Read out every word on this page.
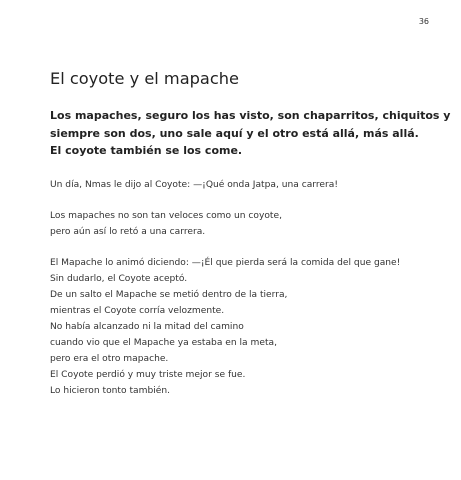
36
El coyote y el mapache

Los mapaches, seguro los has visto, son chaparritos, chiquitos y
siempre son dos, uno sale aquí y el otro está allá, más allá.
El coyote también se los come.

Un día, Nmas le dijo al Coyote: —¡Qué onda Jatpa, una carrera!

Los mapaches no son tan veloces como un coyote,
pero aún así lo retó a una carrera.

El Mapache lo animó diciendo: —¡Él que pierda será la comida del que gane!
Sin dudarlo, el Coyote aceptó.
De un salto el Mapache se metió dentro de la tierra,
mientras el Coyote corría velozmente.
No había alcanzado ni la mitad del camino
cuando vio que el Mapache ya estaba en la meta,
pero era el otro mapache.
El Coyote perdió y muy triste mejor se fue.
Lo hicieron tonto también.
